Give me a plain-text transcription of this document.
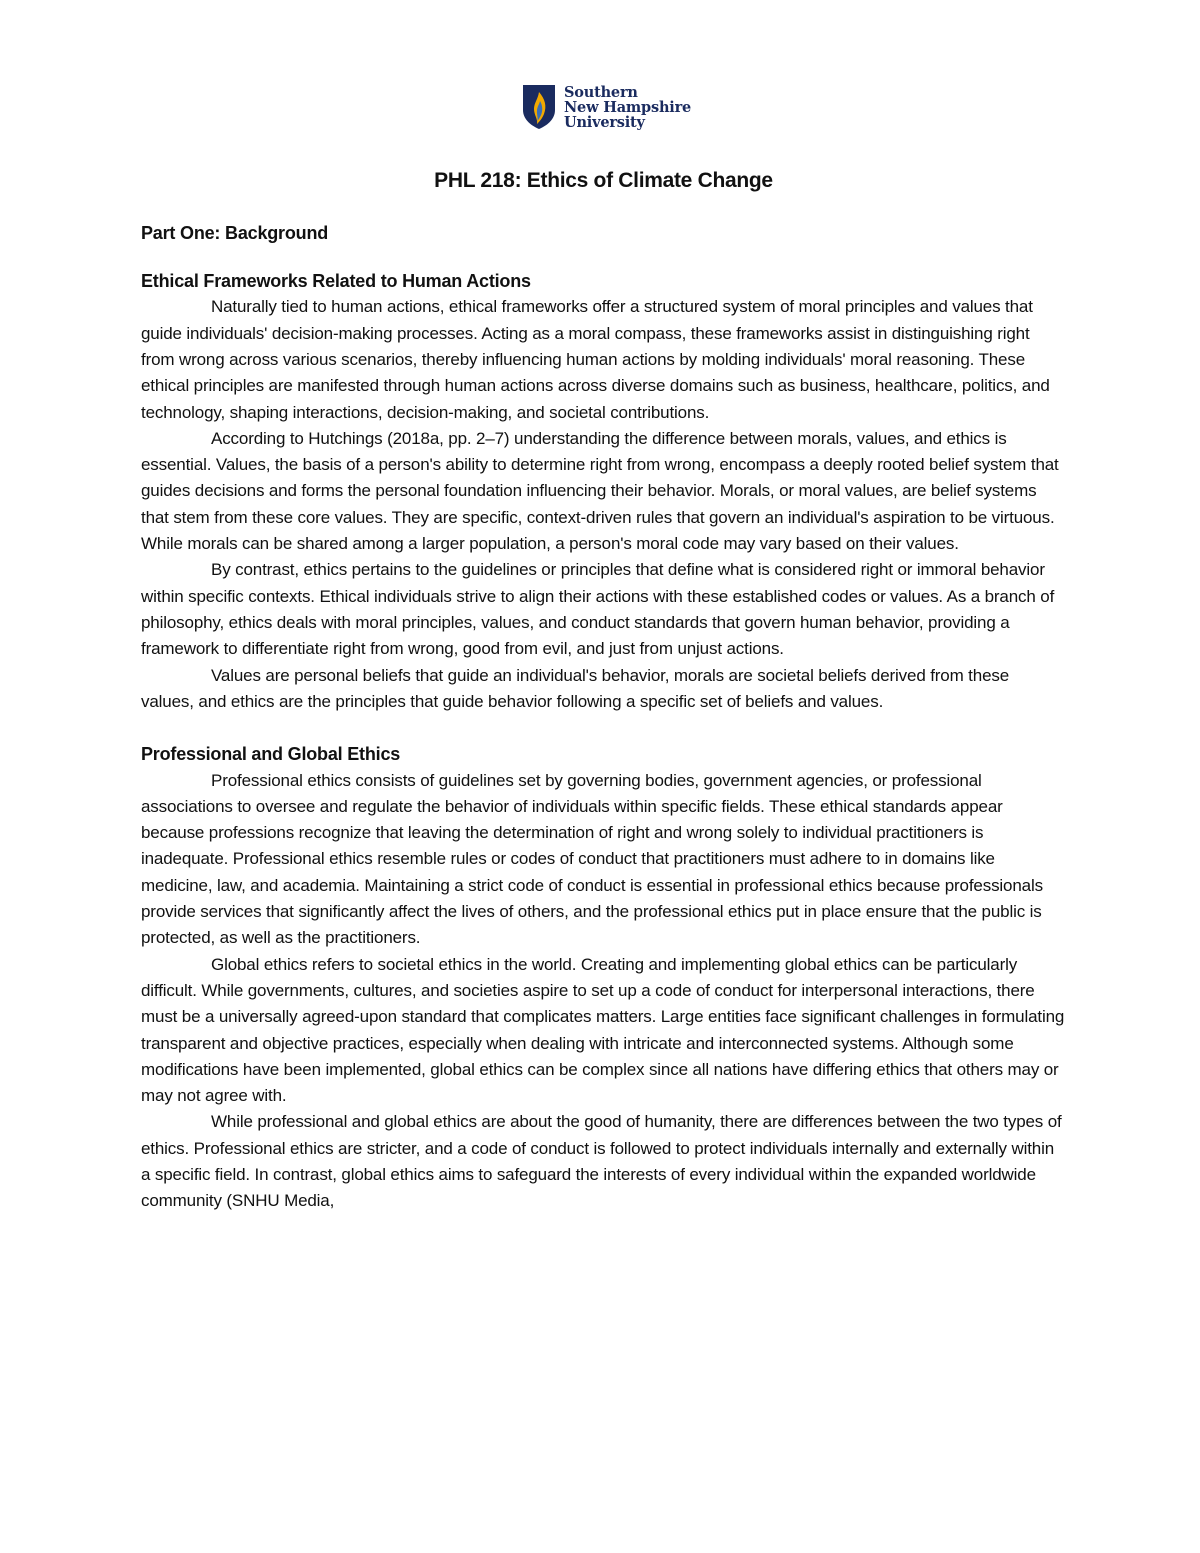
Southern
New Hampshire
University
PHL 218: Ethics of Climate Change
Part One: Background
Ethical Frameworks Related to Human Actions

Naturally tied to human actions, ethical frameworks offer a structured system of moral principles and values that guide individuals' decision-making processes. Acting as a moral compass, these frameworks assist in distinguishing right from wrong across various scenarios, thereby influencing human actions by molding individuals' moral reasoning. These ethical principles are manifested through human actions across diverse domains such as business, healthcare, politics, and technology, shaping interactions, decision-making, and societal contributions.

According to Hutchings (2018a, pp. 2–7) understanding the difference between morals, values, and ethics is essential. Values, the basis of a person's ability to determine right from wrong, encompass a deeply rooted belief system that guides decisions and forms the personal foundation influencing their behavior. Morals, or moral values, are belief systems that stem from these core values. They are specific, context-driven rules that govern an individual's aspiration to be virtuous. While morals can be shared among a larger population, a person's moral code may vary based on their values.

By contrast, ethics pertains to the guidelines or principles that define what is considered right or immoral behavior within specific contexts. Ethical individuals strive to align their actions with these established codes or values. As a branch of philosophy, ethics deals with moral principles, values, and conduct standards that govern human behavior, providing a framework to differentiate right from wrong, good from evil, and just from unjust actions.

Values are personal beliefs that guide an individual's behavior, morals are societal beliefs derived from these values, and ethics are the principles that guide behavior following a specific set of beliefs and values.

Professional and Global Ethics

Professional ethics consists of guidelines set by governing bodies, government agencies, or professional associations to oversee and regulate the behavior of individuals within specific fields. These ethical standards appear because professions recognize that leaving the determination of right and wrong solely to individual practitioners is inadequate. Professional ethics resemble rules or codes of conduct that practitioners must adhere to in domains like medicine, law, and academia. Maintaining a strict code of conduct is essential in professional ethics because professionals provide services that significantly affect the lives of others, and the professional ethics put in place ensure that the public is protected, as well as the practitioners.

Global ethics refers to societal ethics in the world. Creating and implementing global ethics can be particularly difficult. While governments, cultures, and societies aspire to set up a code of conduct for interpersonal interactions, there must be a universally agreed-upon standard that complicates matters. Large entities face significant challenges in formulating transparent and objective practices, especially when dealing with intricate and interconnected systems. Although some modifications have been implemented, global ethics can be complex since all nations have differing ethics that others may or may not agree with.

While professional and global ethics are about the good of humanity, there are differences between the two types of ethics. Professional ethics are stricter, and a code of conduct is followed to protect individuals internally and externally within a specific field. In contrast, global ethics aims to safeguard the interests of every individual within the expanded worldwide community (SNHU Media,
